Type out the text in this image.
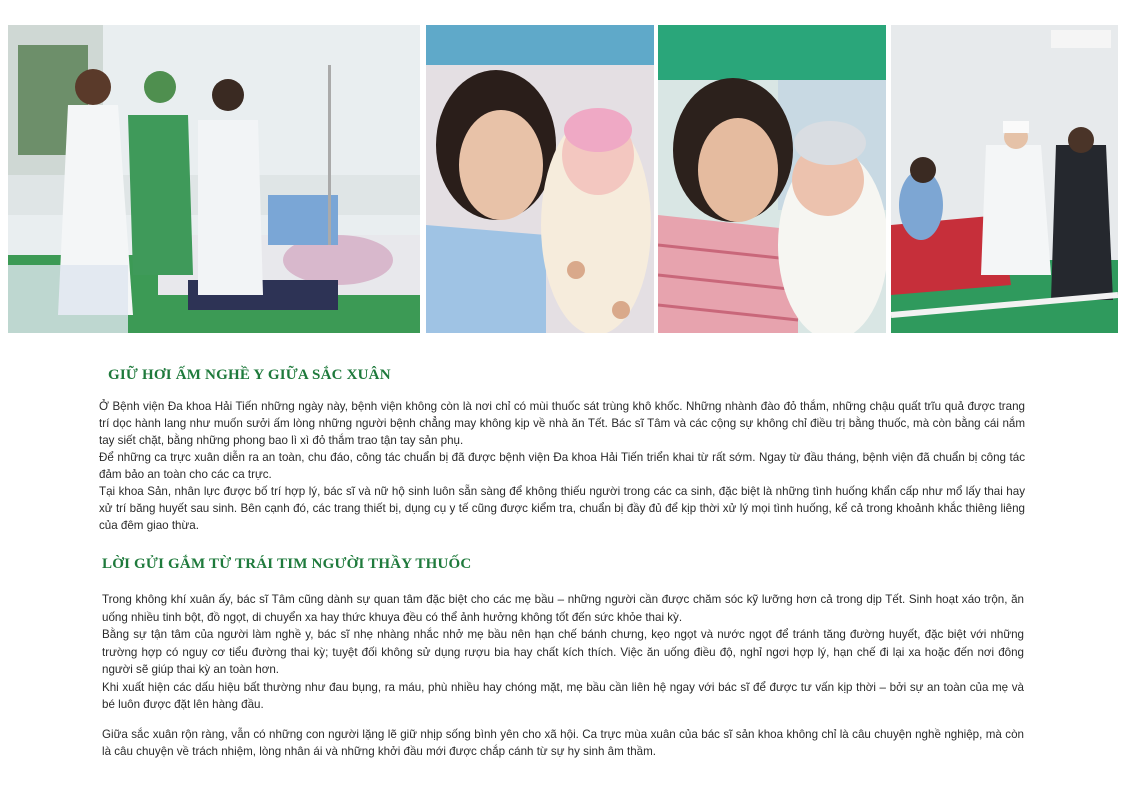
GIỮ HƠI ẤM NGHỀ Y GIỮA SẮC XUÂN

Ở Bệnh viện Đa khoa Hải Tiến những ngày này, bệnh viện không còn là nơi chỉ có mùi thuốc sát trùng khô khốc. Những nhành đào đỏ thắm, những chậu quất trĩu quả được trang trí dọc hành lang như muốn sưởi ấm lòng những người bệnh chẳng may không kịp về nhà ăn Tết. Bác sĩ Tâm và các cộng sự không chỉ điều trị bằng thuốc, mà còn bằng cái nắm tay siết chặt, bằng những phong bao lì xì đỏ thắm trao tận tay sản phụ.

Để những ca trực xuân diễn ra an toàn, chu đáo, công tác chuẩn bị đã được bệnh viện Đa khoa Hải Tiến triển khai từ rất sớm. Ngay từ đầu tháng, bệnh viện đã chuẩn bị công tác đảm bảo an toàn cho các ca trực.

Tại khoa Sản, nhân lực được bố trí hợp lý, bác sĩ và nữ hộ sinh luôn sẵn sàng để không thiếu người trong các ca sinh, đặc biệt là những tình huống khẩn cấp như mổ lấy thai hay xử trí băng huyết sau sinh. Bên cạnh đó, các trang thiết bị, dụng cụ y tế cũng được kiểm tra, chuẩn bị đầy đủ để kịp thời xử lý mọi tình huống, kể cả trong khoảnh khắc thiêng liêng của đêm giao thừa.

LỜI GỬI GẮM TỪ TRÁI TIM NGƯỜI THẦY THUỐC

Trong không khí xuân ấy, bác sĩ Tâm cũng dành sự quan tâm đặc biệt cho các mẹ bầu – những người cần được chăm sóc kỹ lưỡng hơn cả trong dịp Tết. Sinh hoạt xáo trộn, ăn uống nhiều tinh bột, đồ ngọt, di chuyển xa hay thức khuya đều có thể ảnh hưởng không tốt đến sức khỏe thai kỳ.

Bằng sự tận tâm của người làm nghề y, bác sĩ nhẹ nhàng nhắc nhở mẹ bầu nên hạn chế bánh chưng, kẹo ngọt và nước ngọt để tránh tăng đường huyết, đặc biệt với những trường hợp có nguy cơ tiểu đường thai kỳ; tuyệt đối không sử dụng rượu bia hay chất kích thích. Việc ăn uống điều độ, nghỉ ngơi hợp lý, hạn chế đi lại xa hoặc đến nơi đông người sẽ giúp thai kỳ an toàn hơn.

Khi xuất hiện các dấu hiệu bất thường như đau bụng, ra máu, phù nhiều hay chóng mặt, mẹ bầu cần liên hệ ngay với bác sĩ để được tư vấn kịp thời – bởi sự an toàn của mẹ và bé luôn được đặt lên hàng đầu.

Giữa sắc xuân rộn ràng, vẫn có những con người lặng lẽ giữ nhịp sống bình yên cho xã hội. Ca trực mùa xuân của bác sĩ sản khoa không chỉ là câu chuyện nghề nghiệp, mà còn là câu chuyện về trách nhiệm, lòng nhân ái và những khởi đầu mới được chắp cánh từ sự hy sinh âm thầm.
